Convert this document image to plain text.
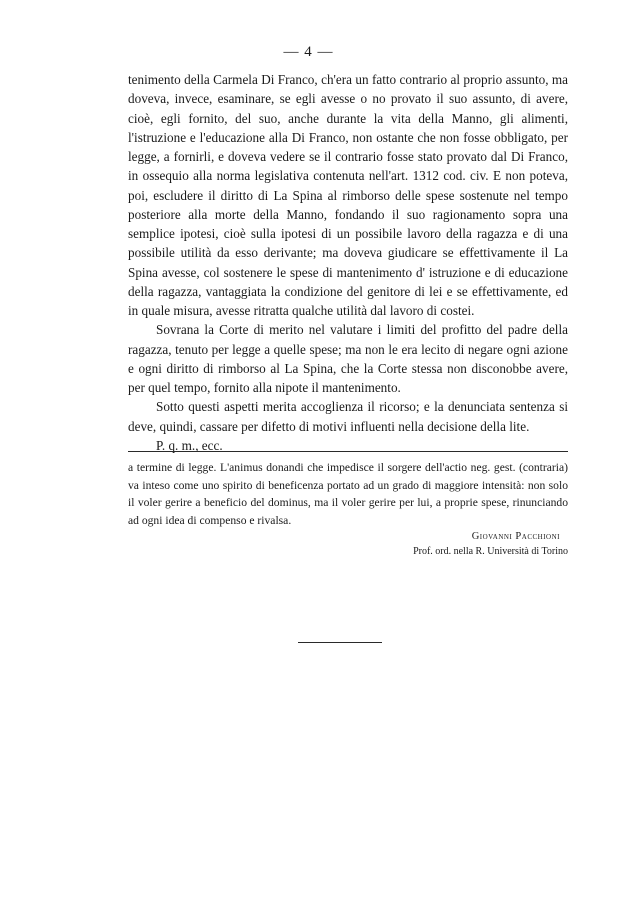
— 4 —

tenimento della Carmela Di Franco, ch'era un fatto contrario al proprio assunto, ma doveva, invece, esaminare, se egli avesse o no provato il suo assunto, di avere, cioè, egli fornito, del suo, anche durante la vita della Manno, gli alimenti, l'istruzione e l'educazione alla Di Franco, non ostante che non fosse obbligato, per legge, a fornirli, e doveva vedere se il contrario fosse stato provato dal Di Franco, in ossequio alla norma legislativa contenuta nell'art. 1312 cod. civ. E non poteva, poi, escludere il diritto di La Spina al rimborso delle spese sostenute nel tempo posteriore alla morte della Manno, fondando il suo ragionamento sopra una semplice ipotesi, cioè sulla ipotesi di un possibile lavoro della ragazza e di una possibile utilità da esso derivante; ma doveva giudicare se effettivamente il La Spina avesse, col sostenere le spese di mantenimento d' istruzione e di educazione della ragazza, vantaggiata la condizione del genitore di lei e se effettivamente, ed in quale misura, avesse ritratta qualche utilità dal lavoro di costei.

Sovrana la Corte di merito nel valutare i limiti del profitto del padre della ragazza, tenuto per legge a quelle spese; ma non le era lecito di negare ogni azione e ogni diritto di rimborso al La Spina, che la Corte stessa non disconobbe avere, per quel tempo, fornito alla nipote il mantenimento.

Sotto questi aspetti merita accoglienza il ricorso; e la denunciata sentenza si deve, quindi, cassare per difetto di motivi influenti nella decisione della lite.

P. q. m., ecc.

a termine di legge. L'animus donandi che impedisce il sorgere dell'actio neg. gest. (contraria) va inteso come uno spirito di beneficenza portato ad un grado di maggiore intensità: non solo il voler gerire a beneficio del dominus, ma il voler gerire per lui, a proprie spese, rinunciando ad ogni idea di compenso e rivalsa.

Giovanni Pacchioni
Prof. ord. nella R. Università di Torino
